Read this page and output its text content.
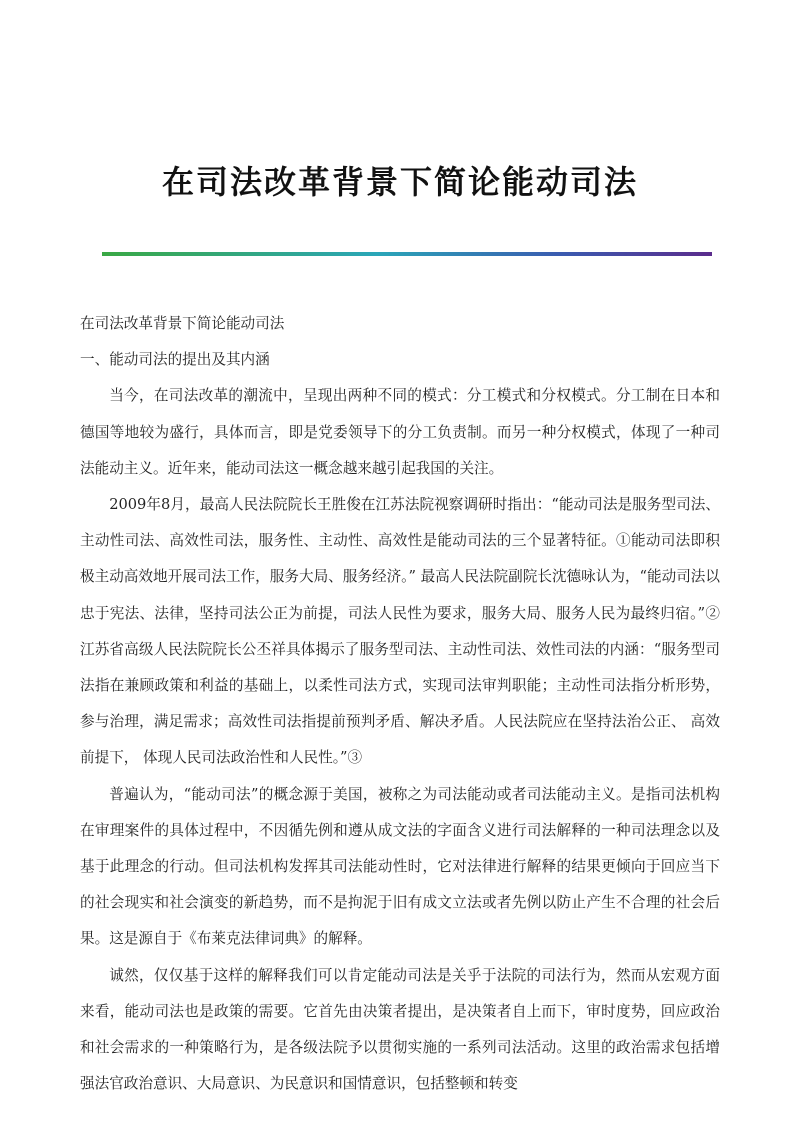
在司法改革背景下简论能动司法

在司法改革背景下简论能动司法

一、能动司法的提出及其内涵

当今，在司法改革的潮流中，呈现出两种不同的模式：分工模式和分权模式。分工制在日本和德国等地较为盛行，具体而言，即是党委领导下的分工负责制。而另一种分权模式，体现了一种司法能动主义。近年来，能动司法这一概念越来越引起我国的关注。

2009年8月，最高人民法院院长王胜俊在江苏法院视察调研时指出：“能动司法是服务型司法、主动性司法、高效性司法，服务性、主动性、高效性是能动司法的三个显著特征。①能动司法即积极主动高效地开展司法工作，服务大局、服务经济。” 最高人民法院副院长沈德咏认为，“能动司法以忠于宪法、法律，坚持司法公正为前提，司法人民性为要求，服务大局、服务人民为最终归宿。”②江苏省高级人民法院院长公丕祥具体揭示了服务型司法、主动性司法、效性司法的内涵：“服务型司法指在兼顾政策和利益的基础上，以柔性司法方式，实现司法审判职能；主动性司法指分析形势，参与治理，满足需求；高效性司法指提前预判矛盾、解决矛盾。人民法院应在坚持法治公正、 高效前提下， 体现人民司法政治性和人民性。”③

普遍认为，“能动司法”的概念源于美国，被称之为司法能动或者司法能动主义。是指司法机构在审理案件的具体过程中，不因循先例和遵从成文法的字面含义进行司法解释的一种司法理念以及基于此理念的行动。但司法机构发挥其司法能动性时，它对法律进行解释的结果更倾向于回应当下的社会现实和社会演变的新趋势，而不是拘泥于旧有成文立法或者先例以防止产生不合理的社会后果。这是源自于《布莱克法律词典》的解释。

诚然，仅仅基于这样的解释我们可以肯定能动司法是关乎于法院的司法行为，然而从宏观方面来看，能动司法也是政策的需要。它首先由决策者提出，是决策者自上而下，审时度势，回应政治和社会需求的一种策略行为，是各级法院予以贯彻实施的一系列司法活动。这里的政治需求包括增强法官政治意识、大局意识、为民意识和国情意识，包括整顿和转变
